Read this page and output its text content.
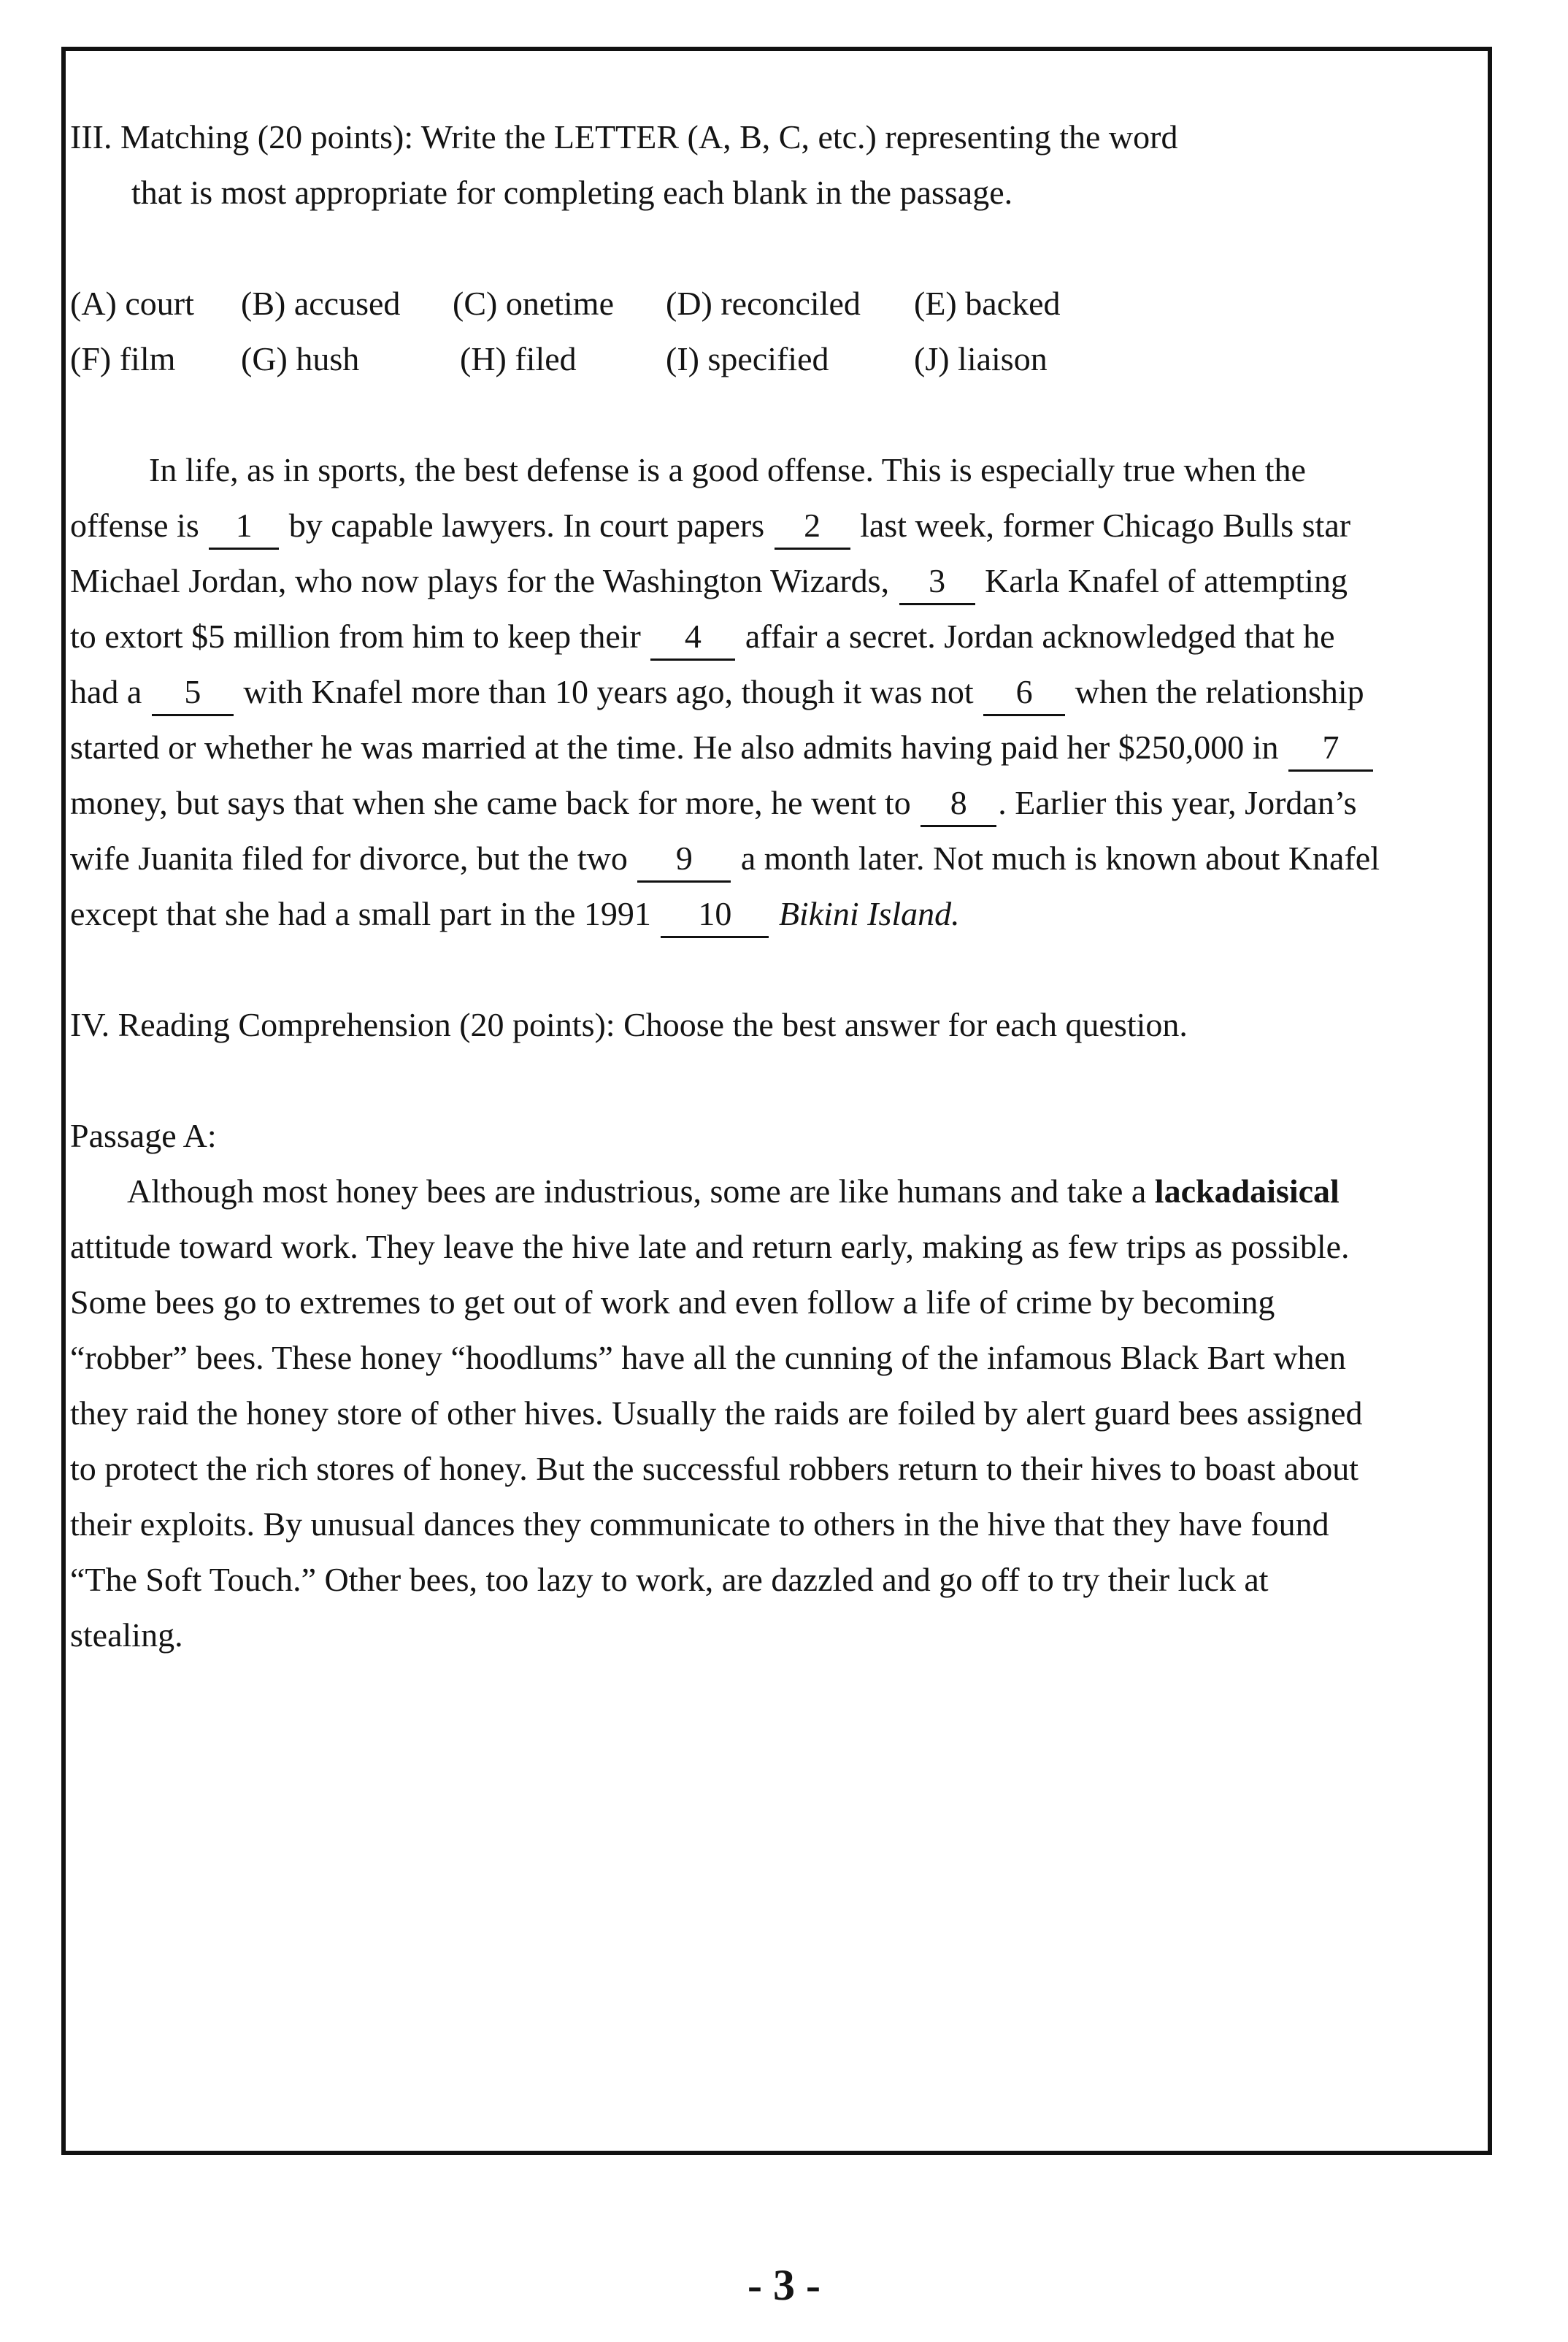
III. Matching (20 points): Write the LETTER (A, B, C, etc.) representing the word
that is most appropriate for completing each blank in the passage.
(A) court	(B) accused	(C) onetime	(D) reconciled	(E) backed
(F) film	(G) hush	(H) filed	(I) specified	(J) liaison
In life, as in sports, the best defense is a good offense. This is especially true when the
offense is 1 by capable lawyers. In court papers 2 last week, former Chicago Bulls star
Michael Jordan, who now plays for the Washington Wizards, 3 Karla Knafel of attempting
to extort $5 million from him to keep their 4 affair a secret. Jordan acknowledged that he
had a 5 with Knafel more than 10 years ago, though it was not 6 when the relationship
started or whether he was married at the time. He also admits having paid her $250,000 in 7
money, but says that when she came back for more, he went to 8 . Earlier this year, Jordan’s
wife Juanita filed for divorce, but the two 9 a month later. Not much is known about Knafel
except that she had a small part in the 1991 10 Bikini Island.
IV. Reading Comprehension (20 points): Choose the best answer for each question.
Passage A:
Although most honey bees are industrious, some are like humans and take a lackadaisical
attitude toward work. They leave the hive late and return early, making as few trips as possible.
Some bees go to extremes to get out of work and even follow a life of crime by becoming
“robber” bees. These honey “hoodlums” have all the cunning of the infamous Black Bart when
they raid the honey store of other hives. Usually the raids are foiled by alert guard bees assigned
to protect the rich stores of honey. But the successful robbers return to their hives to boast about
their exploits. By unusual dances they communicate to others in the hive that they have found
“The Soft Touch.” Other bees, too lazy to work, are dazzled and go off to try their luck at
stealing.
- 3 -
